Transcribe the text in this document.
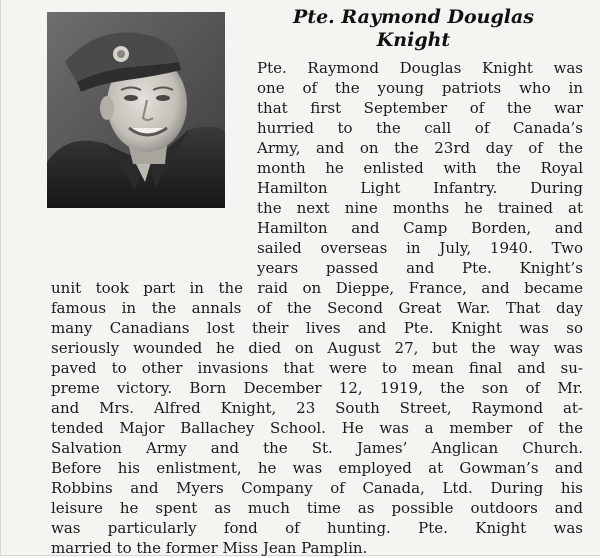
Pte. Raymond Douglas
Knight
Pte. Raymond Douglas Knight was
one of the young patriots who in
that first September of the war
hurried to the call of Canada’s
Army, and on the 23rd day of the
month he enlisted with the Royal
Hamilton Light Infantry. During
the next nine months he trained at
Hamilton and Camp Borden, and
sailed overseas in July, 1940. Two
years passed and Pte. Knight’s
unit took part in the raid on Dieppe, France, and became
famous in the annals of the Second Great War. That day
many Canadians lost their lives and Pte. Knight was so
seriously wounded he died on August 27, but the way was
paved to other invasions that were to mean final and su-
preme victory. Born December 12, 1919, the son of Mr.
and Mrs. Alfred Knight, 23 South Street, Raymond at-
tended Major Ballachey School. He was a member of the
Salvation Army and the St. James’ Anglican Church.
Before his enlistment, he was employed at Gowman’s and
Robbins and Myers Company of Canada, Ltd. During his
leisure he spent as much time as possible outdoors and
was particularly fond of hunting. Pte. Knight was
married to the former Miss Jean Pamplin.
